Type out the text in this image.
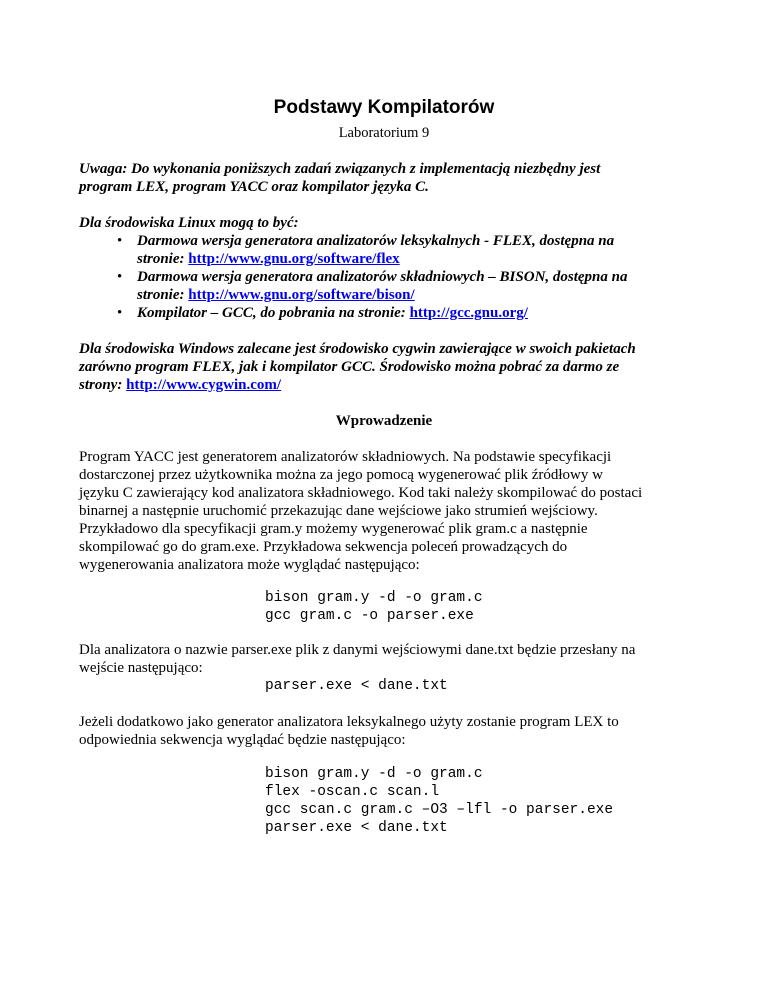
Podstawy Kompilatorów
Laboratorium 9
Uwaga: Do wykonania poniższych zadań związanych z implementacją niezbędny jest
program LEX, program YACC oraz kompilator języka C.
Dla środowiska Linux mogą to być:
• Darmowa wersja generatora analizatorów leksykalnych - FLEX, dostępna na
stronie: http://www.gnu.org/software/flex
• Darmowa wersja generatora analizatorów składniowych – BISON, dostępna na
stronie: http://www.gnu.org/software/bison/
• Kompilator – GCC, do pobrania na stronie: http://gcc.gnu.org/
Dla środowiska Windows zalecane jest środowisko cygwin zawierające w swoich pakietach
zarówno program FLEX, jak i kompilator GCC. Środowisko można pobrać za darmo ze
strony: http://www.cygwin.com/
Wprowadzenie
Program YACC jest generatorem analizatorów składniowych. Na podstawie specyfikacji
dostarczonej przez użytkownika można za jego pomocą wygenerować plik źródłowy w
języku C zawierający kod analizatora składniowego. Kod taki należy skompilować do postaci
binarnej a następnie uruchomić przekazując dane wejściowe jako strumień wejściowy.
Przykładowo dla specyfikacji gram.y możemy wygenerować plik gram.c a następnie
skompilować go do gram.exe. Przykładowa sekwencja poleceń prowadzących do
wygenerowania analizatora może wyglądać następująco:
bison gram.y -d -o gram.c
gcc gram.c -o parser.exe
Dla analizatora o nazwie parser.exe plik z danymi wejściowymi dane.txt będzie przesłany na
wejście następująco:
parser.exe < dane.txt
Jeżeli dodatkowo jako generator analizatora leksykalnego użyty zostanie program LEX to
odpowiednia sekwencja wyglądać będzie następująco:
bison gram.y -d -o gram.c
flex -oscan.c scan.l
gcc scan.c gram.c –O3 –lfl -o parser.exe
parser.exe < dane.txt
